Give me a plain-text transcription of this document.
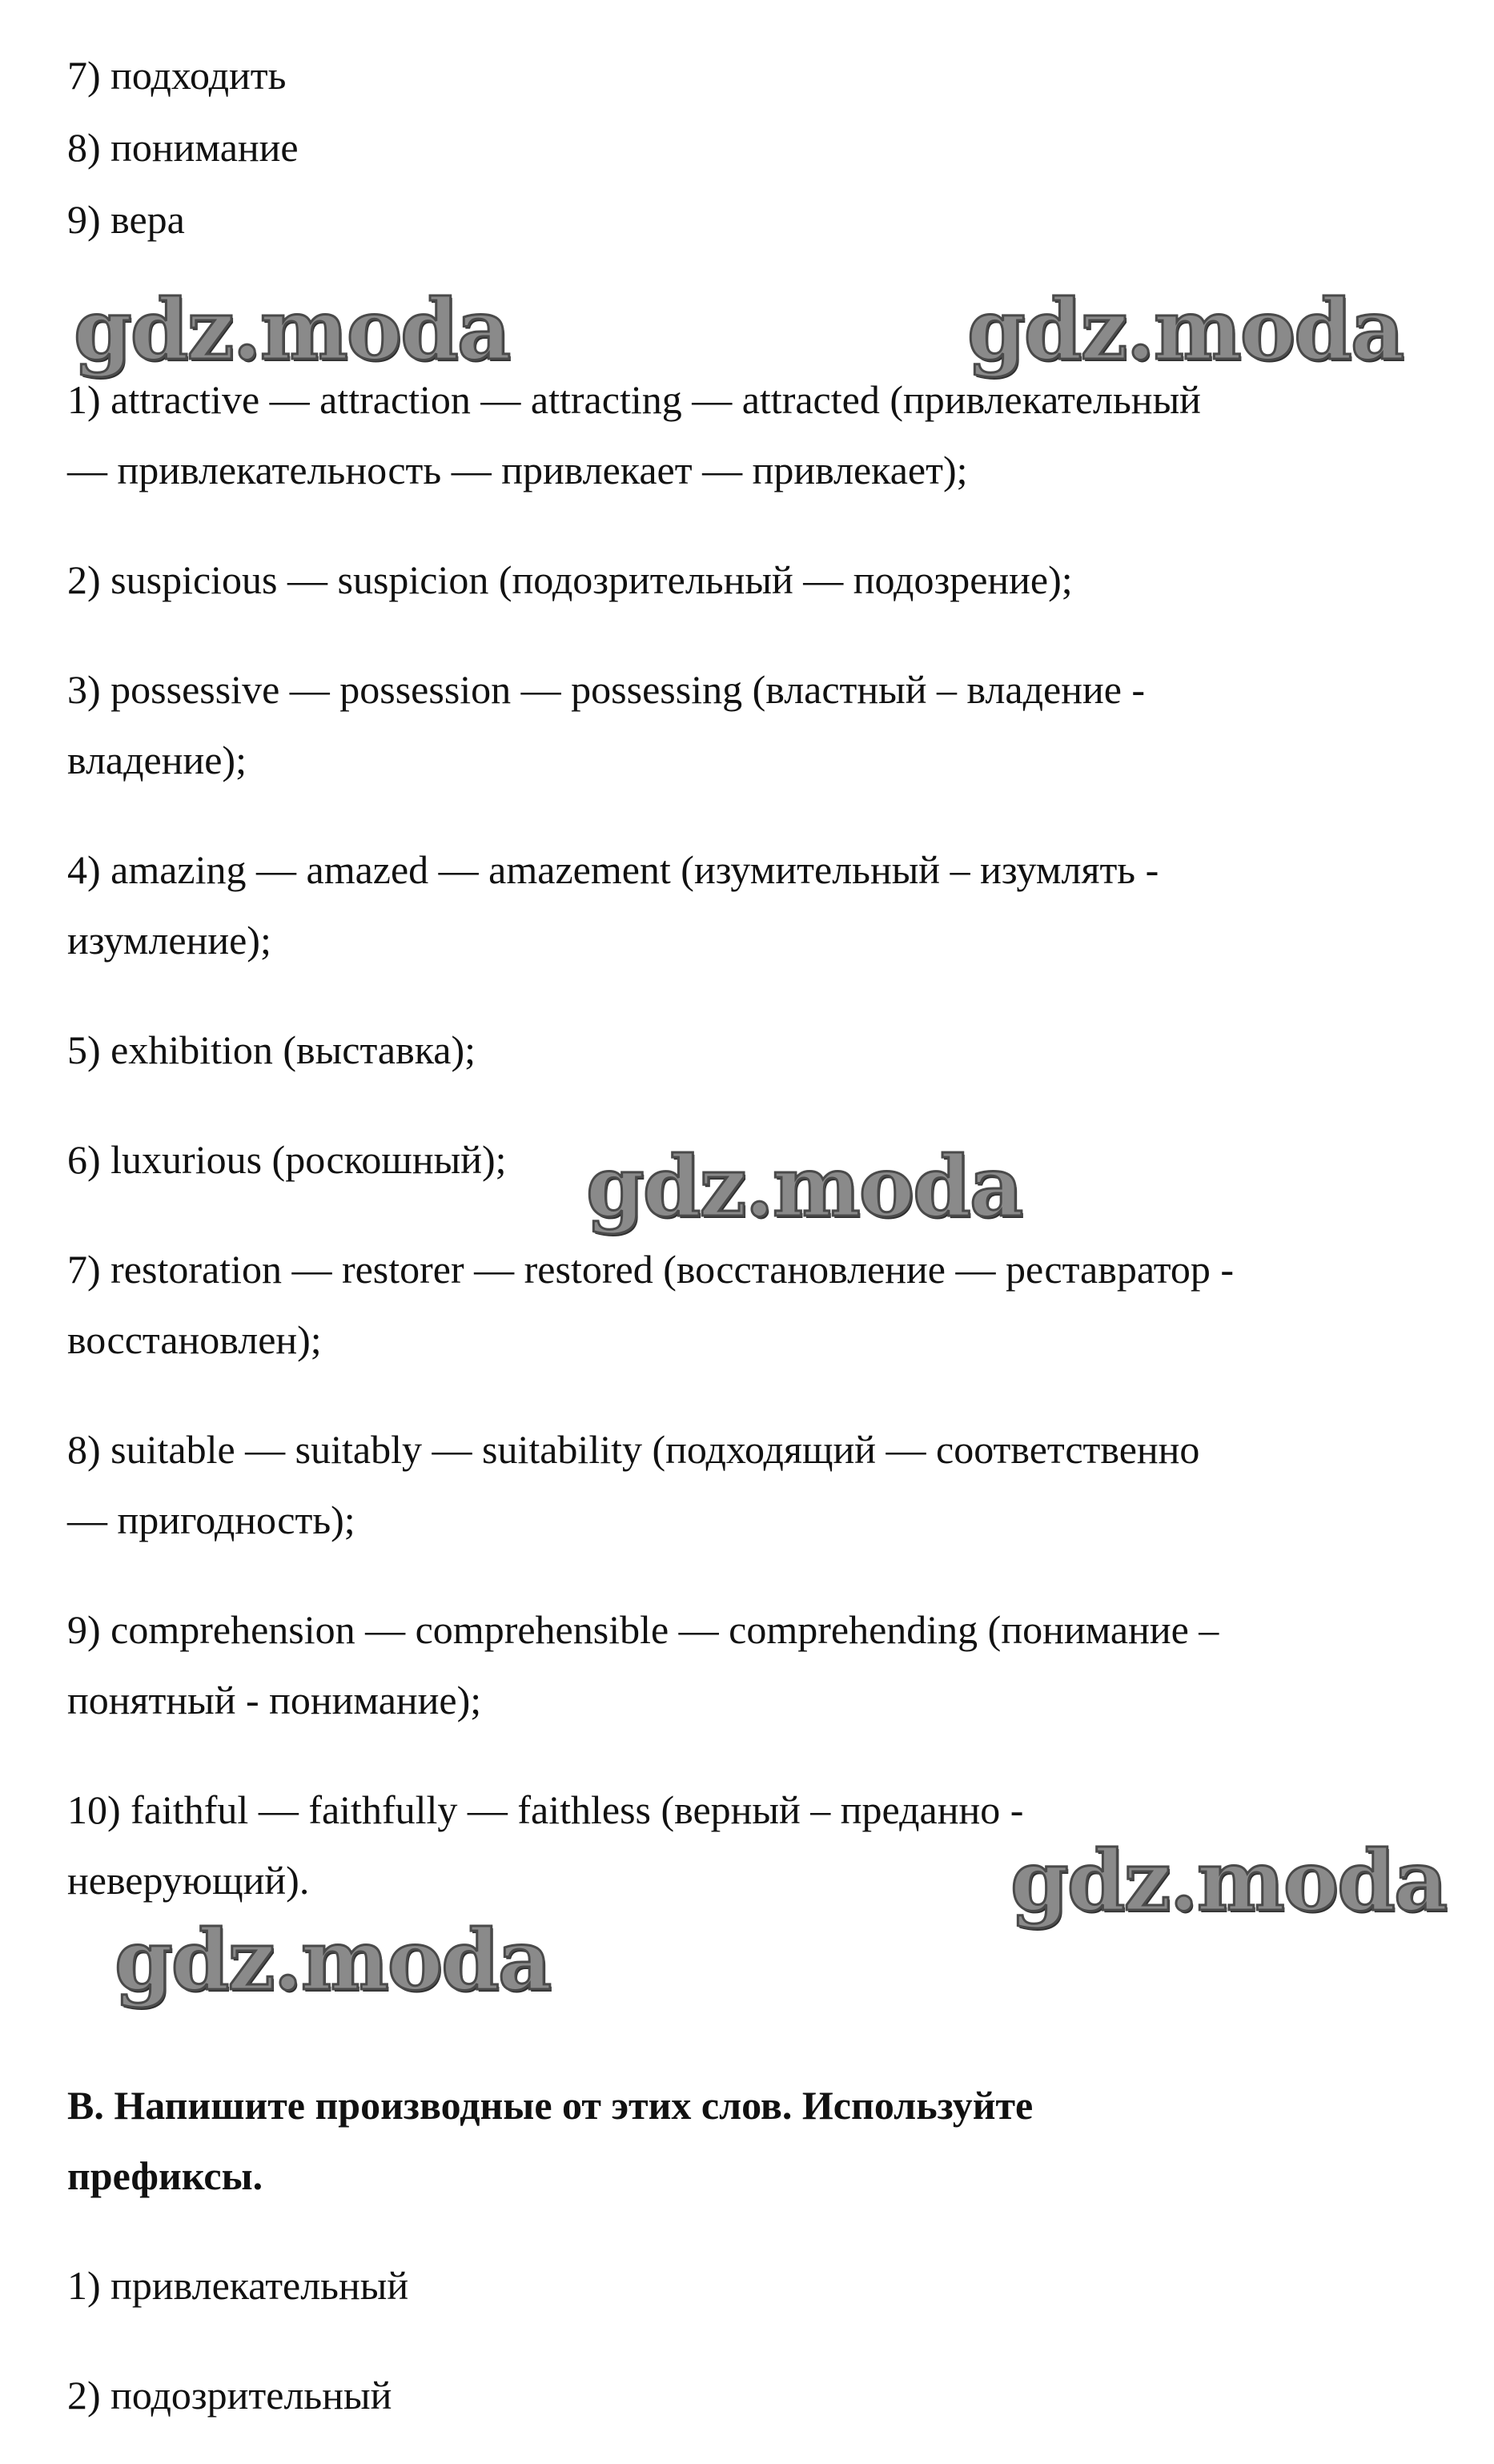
7) подходить
8) понимание
9) вера
1) attractive — attraction — attracting — attracted (привлекательный
— привлекательность — привлекает — привлекает);
2) suspicious — suspicion (подозрительный — подозрение);
3) possessive — possession — possessing (властный – владение -
владение);
4) amazing — amazed — amazement (изумительный – изумлять -
изумление);
5) exhibition (выставка);
6) luxurious (роскошный);
7) restoration — restorer — restored (восстановление — реставратор -
восстановлен);
8) suitable — suitably — suitability (подходящий — соответственно
— пригодность);
9) comprehension — comprehensible — comprehending (понимание –
понятный - понимание);
10) faithful — faithfully — faithless (верный – преданно -
неверующий).
B. Напишите производные от этих слов. Используйте
префиксы.
1) привлекательный
2) подозрительный
gdz.moda	gdz.moda
gdz.moda
gdz.moda
gdz.moda
